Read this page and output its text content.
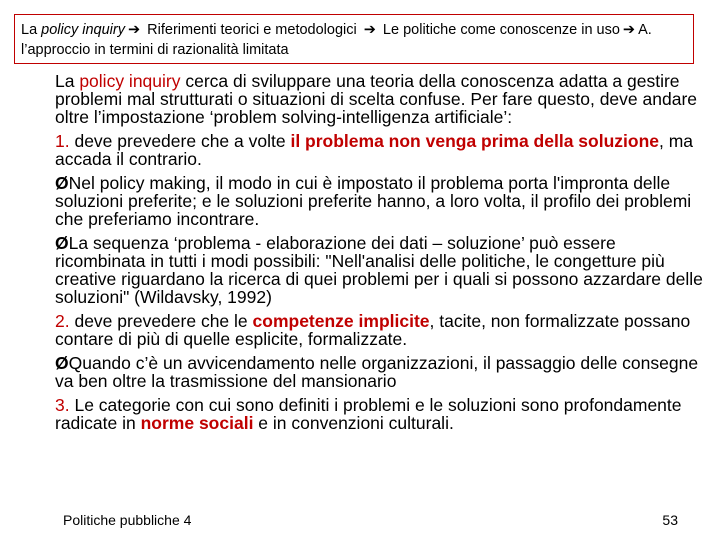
La policy inquiry ➔ Riferimenti teorici e metodologici ➔ Le politiche come conoscenze in uso ➔ A. l’approccio in termini di razionalità limitata

La policy inquiry cerca di sviluppare una teoria della conoscenza adatta a gestire problemi mal strutturati o situazioni di scelta confuse. Per fare questo, deve andare oltre l’impostazione ‘problem solving-intelligenza artificiale’:

1. deve prevedere che a volte il problema non venga prima della soluzione, ma accada il contrario.

ØNel policy making, il modo in cui è impostato il problema porta l'impronta delle soluzioni preferite; e le soluzioni preferite hanno, a loro volta, il profilo dei problemi che preferiamo incontrare.

ØLa sequenza ‘problema - elaborazione dei dati – soluzione’ può essere ricombinata in tutti i modi possibili: "Nell'analisi delle politiche, le congetture più creative riguardano la ricerca di quei problemi per i quali si possono azzardare delle soluzioni" (Wildavsky, 1992)

2. deve prevedere che le competenze implicite, tacite, non formalizzate possano contare di più di quelle esplicite, formalizzate.

ØQuando c’è un avvicendamento nelle organizzazioni, il passaggio delle consegne va ben oltre la trasmissione del mansionario

3. Le categorie con cui sono definiti i problemi e le soluzioni sono profondamente radicate in norme sociali e in convenzioni culturali.

Politiche pubbliche 4	53
